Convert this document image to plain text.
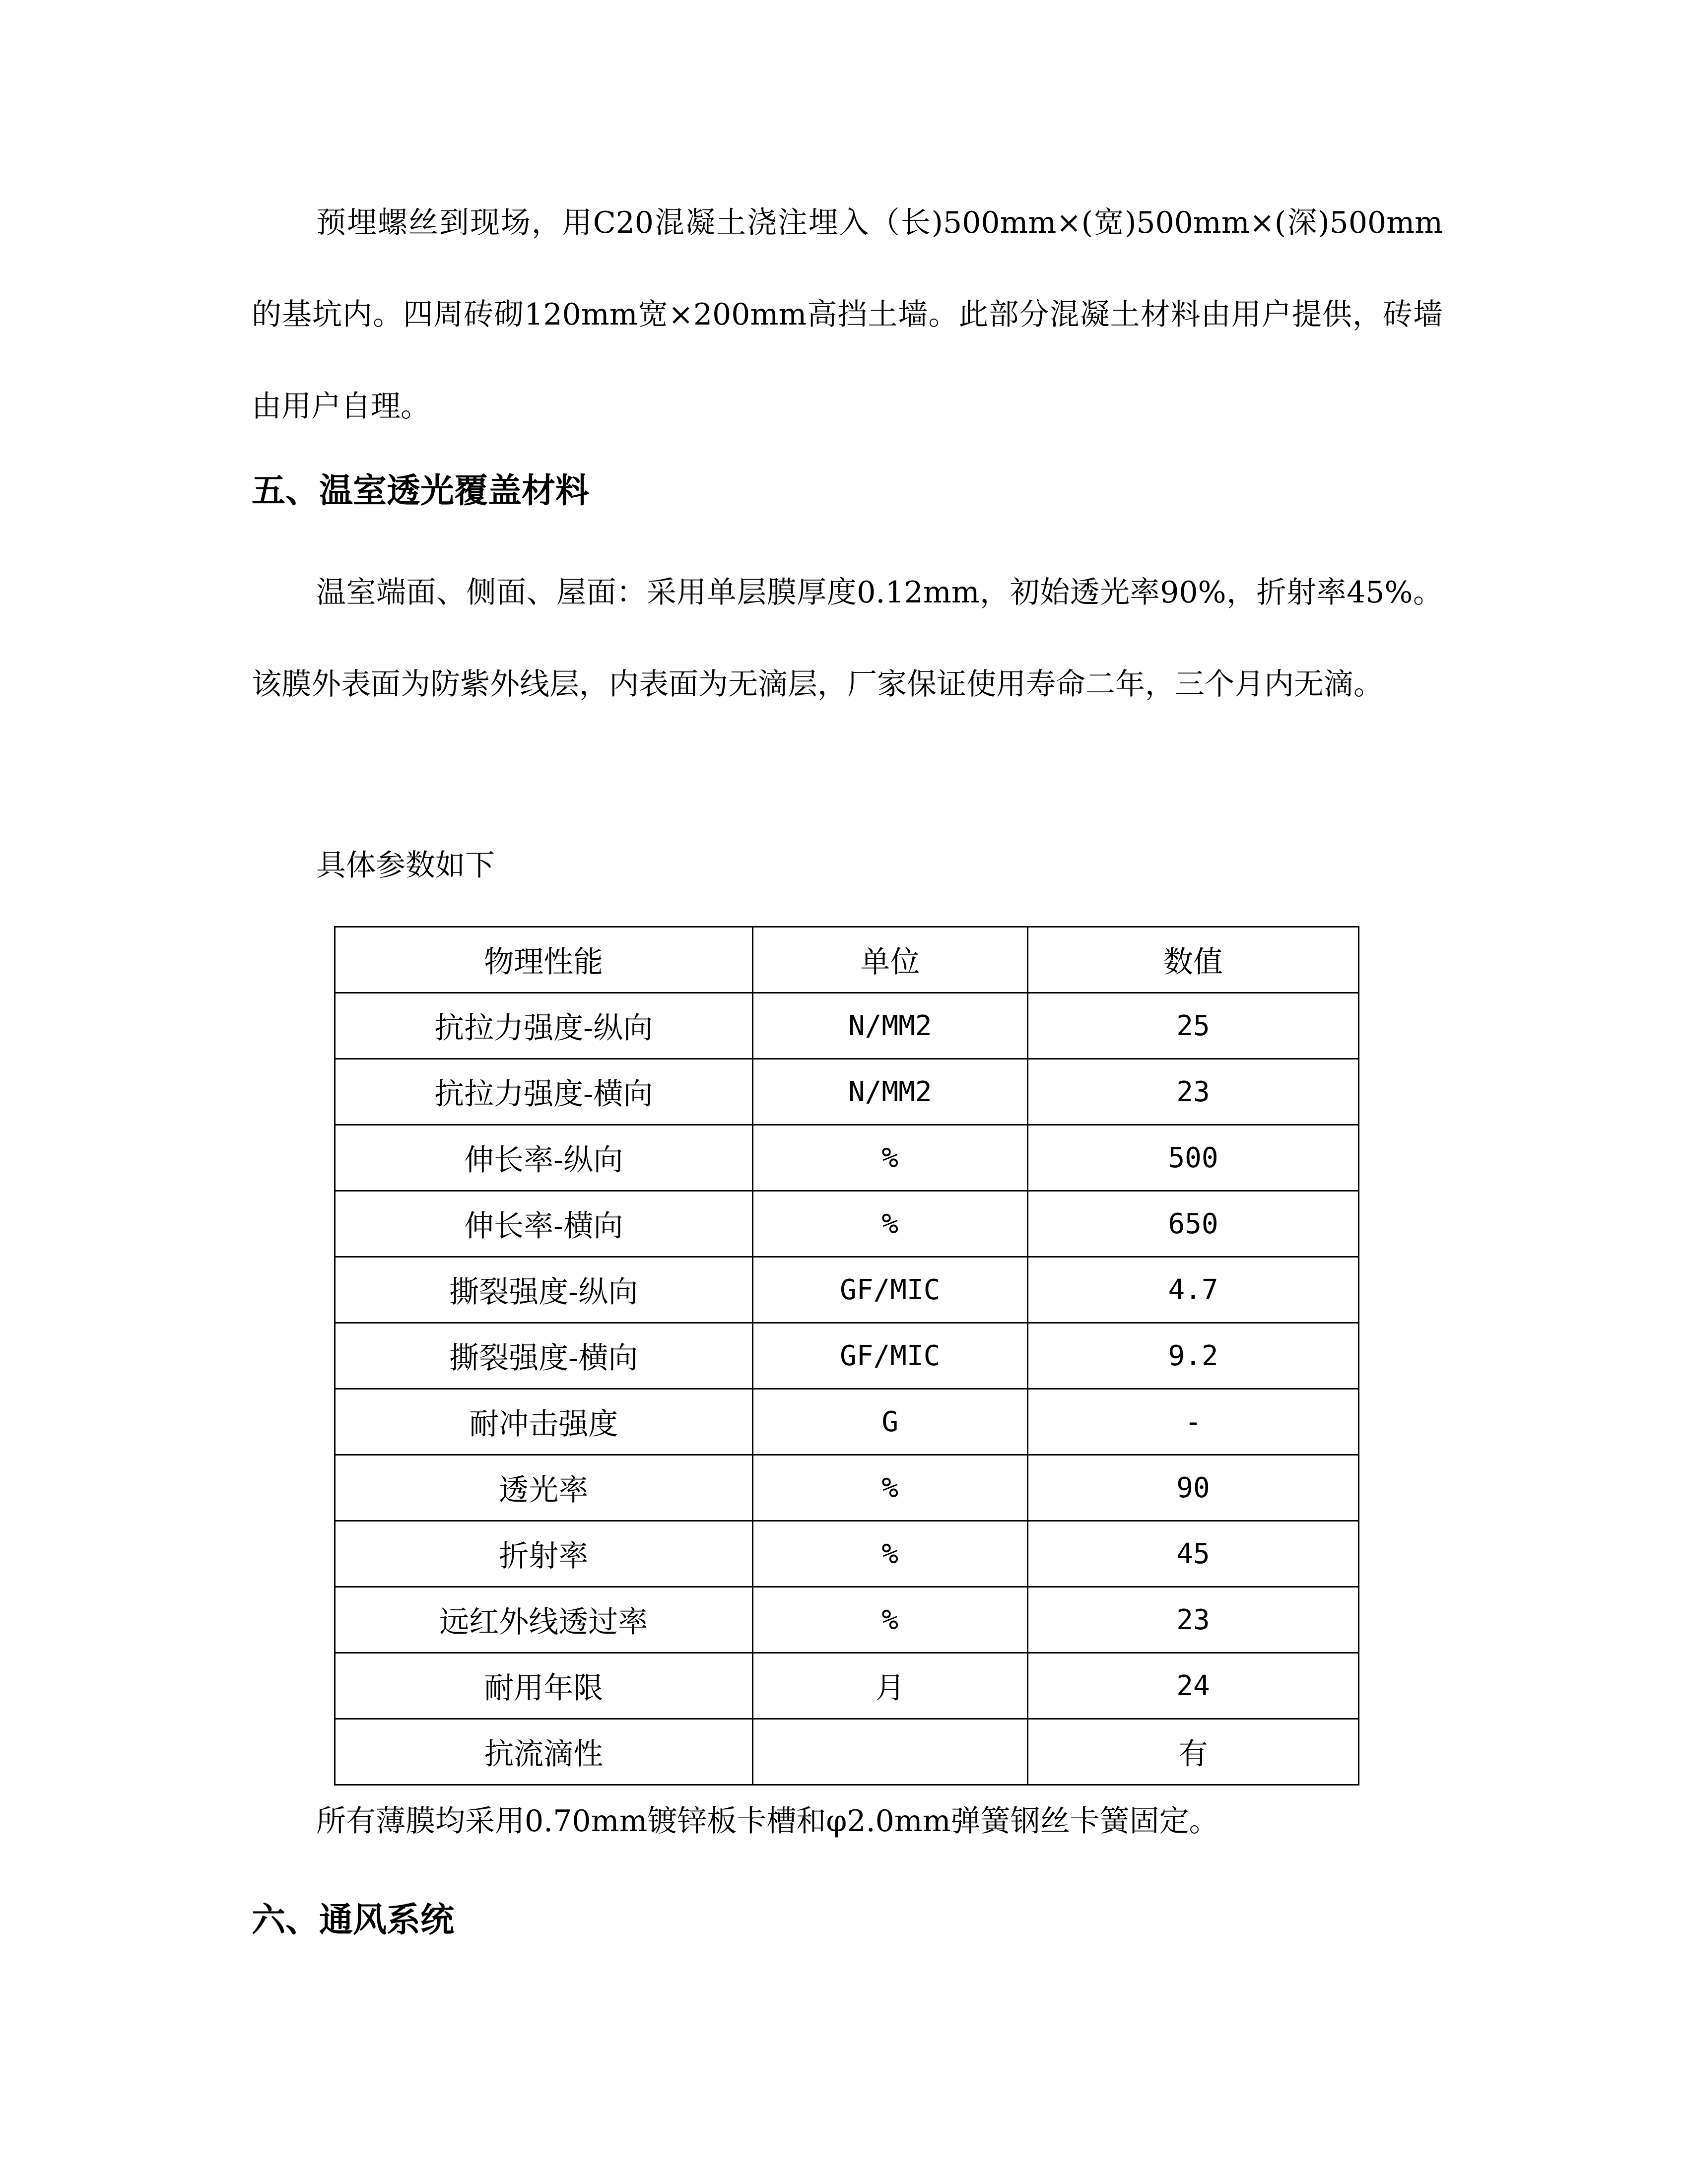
预埋螺丝到现场，用C20混凝土浇注埋入（长)500mm×(宽)500mm×(深)500mm的基坑内。四周砖砌120mm宽×200mm高挡土墙。此部分混凝土材料由用户提供，砖墙由用户自理。

五、温室透光覆盖材料

温室端面、侧面、屋面：采用单层膜厚度0.12mm，初始透光率90%，折射率45%。该膜外表面为防紫外线层，内表面为无滴层，厂家保证使用寿命二年，三个月内无滴。

具体参数如下

物理性能	单位	数值
抗拉力强度-纵向	N/MM2	25
抗拉力强度-横向	N/MM2	23
伸长率-纵向	%	500
伸长率-横向	%	650
撕裂强度-纵向	GF/MIC	4.7
撕裂强度-横向	GF/MIC	9.2
耐冲击强度	G	-
透光率	%	90
折射率	%	45
远红外线透过率	%	23
耐用年限	月	24
抗流滴性		有

所有薄膜均采用0.70mm镀锌板卡槽和φ2.0mm弹簧钢丝卡簧固定。

六、通风系统
